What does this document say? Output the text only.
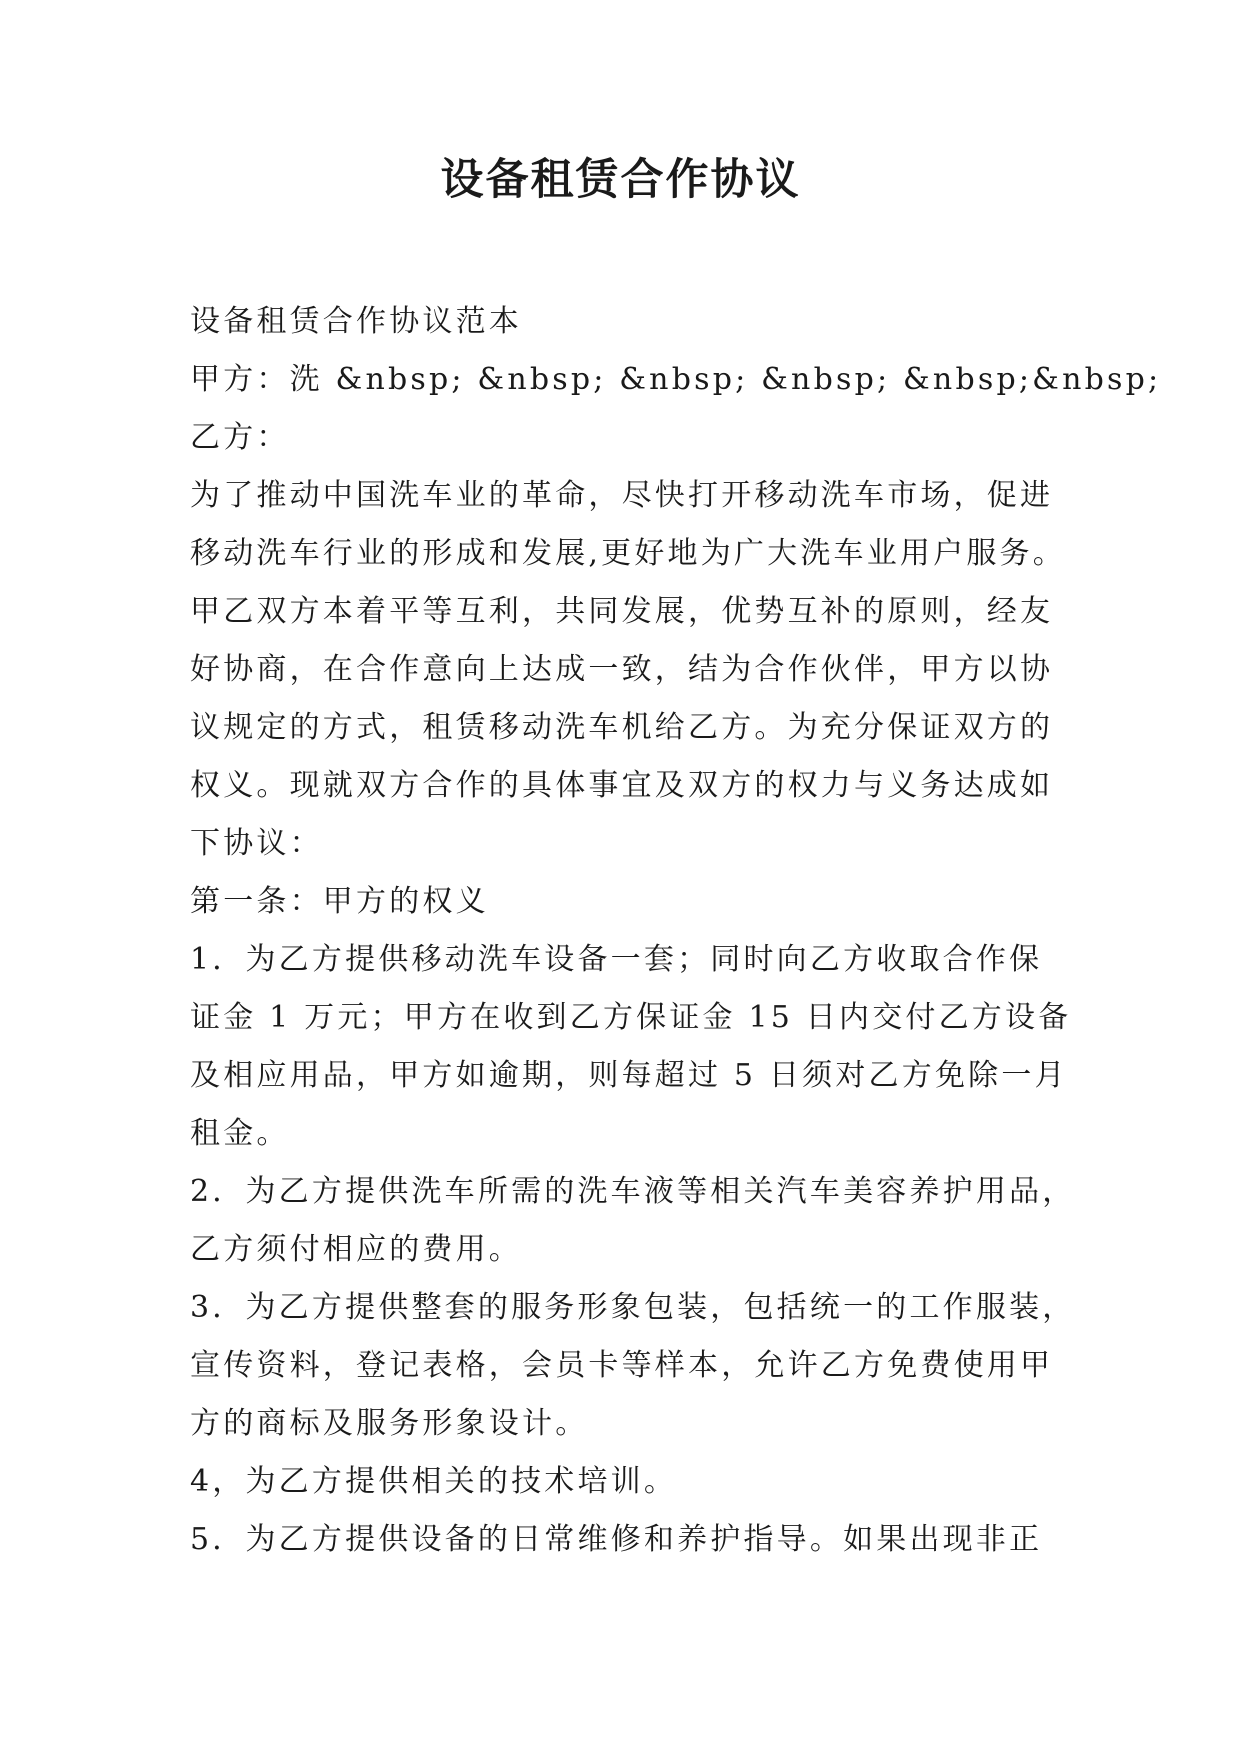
设备租赁合作协议

设备租赁合作协议范本

甲方：洗 &nbsp; &nbsp; &nbsp; &nbsp; &nbsp;&nbsp;

乙方：

为了推动中国洗车业的革命，尽快打开移动洗车市场，促进

移动洗车行业的形成和发展,更好地为广大洗车业用户服务。

甲乙双方本着平等互利，共同发展，优势互补的原则，经友

好协商，在合作意向上达成一致，结为合作伙伴，甲方以协

议规定的方式，租赁移动洗车机给乙方。为充分保证双方的

权义。现就双方合作的具体事宜及双方的权力与义务达成如

下协议：

第一条：甲方的权义

1．为乙方提供移动洗车设备一套；同时向乙方收取合作保

证金 1 万元；甲方在收到乙方保证金 15 日内交付乙方设备

及相应用品，甲方如逾期，则每超过 5 日须对乙方免除一月

租金。

2．为乙方提供洗车所需的洗车液等相关汽车美容养护用品，

乙方须付相应的费用。

3．为乙方提供整套的服务形象包装，包括统一的工作服装，

宣传资料，登记表格，会员卡等样本，允许乙方免费使用甲

方的商标及服务形象设计。

4，为乙方提供相关的技术培训。

5．为乙方提供设备的日常维修和养护指导。如果出现非正
